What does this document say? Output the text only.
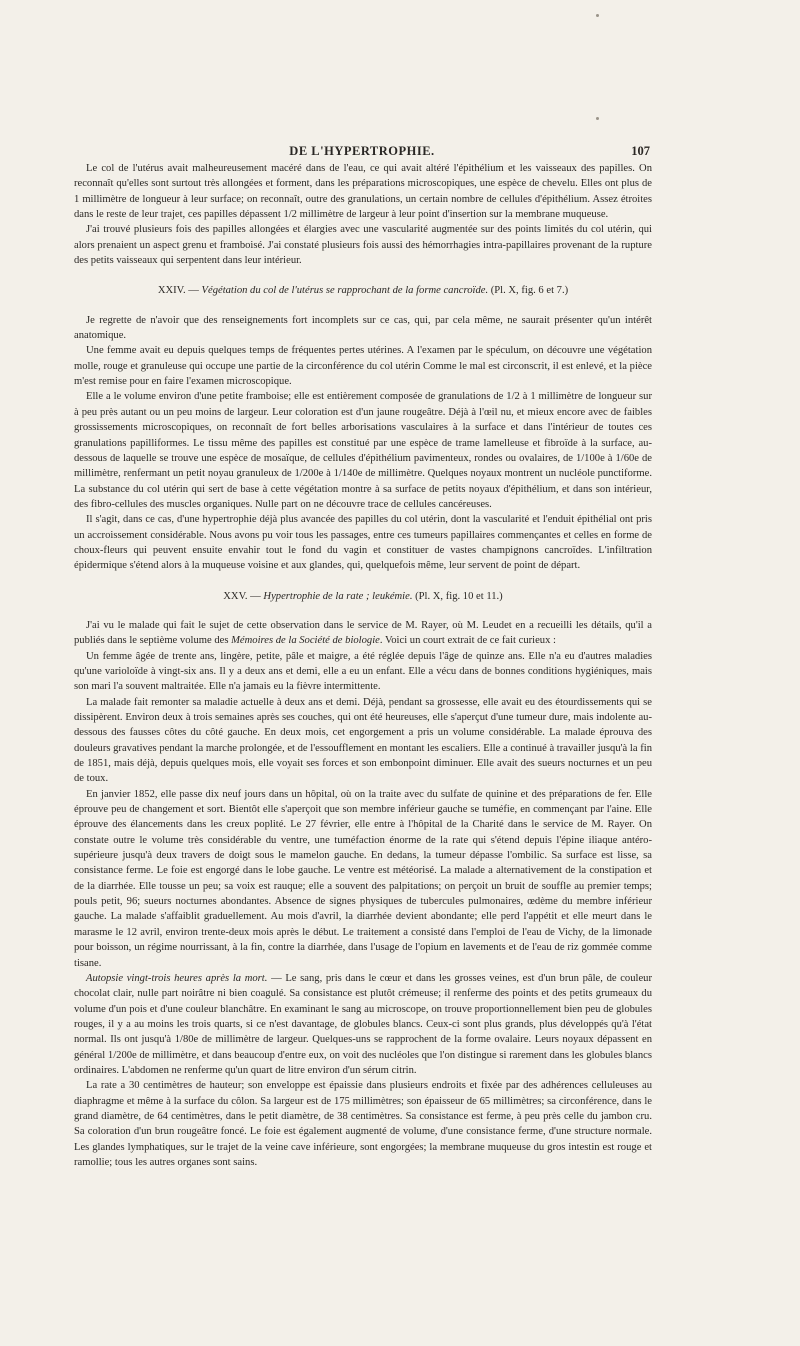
DE L'HYPERTROPHIE.	107

Le col de l'utérus avait malheureusement macéré dans de l'eau, ce qui avait altéré l'épithélium et les vaisseaux des papilles. On reconnaît qu'elles sont surtout très allongées et forment, dans les préparations microscopiques, une espèce de chevelu. Elles ont plus de 1 millimètre de longueur à leur surface; on reconnaît, outre des granulations, un certain nombre de cellules d'épithélium. Assez étroites dans le reste de leur trajet, ces papilles dépassent 1/2 millimètre de largeur à leur point d'insertion sur la membrane muqueuse.

J'ai trouvé plusieurs fois des papilles allongées et élargies avec une vascularité augmentée sur des points limités du col utérin, qui alors prenaient un aspect grenu et framboisé. J'ai constaté plusieurs fois aussi des hémorrhagies intra-papillaires provenant de la rupture des petits vaisseaux qui serpentent dans leur intérieur.

XXIV. — Végétation du col de l'utérus se rapprochant de la forme cancroïde. (Pl. X, fig. 6 et 7.)

Je regrette de n'avoir que des renseignements fort incomplets sur ce cas, qui, par cela même, ne saurait présenter qu'un intérêt anatomique.

Une femme avait eu depuis quelques temps de fréquentes pertes utérines. A l'examen par le spéculum, on découvre une végétation molle, rouge et granuleuse qui occupe une partie de la circonférence du col utérin Comme le mal est circonscrit, il est enlevé, et la pièce m'est remise pour en faire l'examen microscopique.

Elle a le volume environ d'une petite framboise; elle est entièrement composée de granulations de 1/2 à 1 millimètre de longueur sur à peu près autant ou un peu moins de largeur. Leur coloration est d'un jaune rougeâtre. Déjà à l'œil nu, et mieux encore avec de faibles grossissements microscopiques, on reconnaît de fort belles arborisations vasculaires à la surface et dans l'intérieur de toutes ces granulations papilliformes. Le tissu même des papilles est constitué par une espèce de trame lamelleuse et fibroïde à la surface, au-dessous de laquelle se trouve une espèce de mosaïque, de cellules d'épithélium pavimenteux, rondes ou ovalaires, de 1/100e à 1/60e de millimètre, renfermant un petit noyau granuleux de 1/200e à 1/140e de millimètre. Quelques noyaux montrent un nucléole punctiforme. La substance du col utérin qui sert de base à cette végétation montre à sa surface de petits noyaux d'épithélium, et dans son intérieur, des fibro-cellules des muscles organiques. Nulle part on ne découvre trace de cellules cancéreuses.

Il s'agit, dans ce cas, d'une hypertrophie déjà plus avancée des papilles du col utérin, dont la vascularité et l'enduit épithélial ont pris un accroissement considérable. Nous avons pu voir tous les passages, entre ces tumeurs papillaires commençantes et celles en forme de choux-fleurs qui peuvent ensuite envahir tout le fond du vagin et constituer de vastes champignons cancroïdes. L'infiltration épidermique s'étend alors à la muqueuse voisine et aux glandes, qui, quelquefois même, leur servent de point de départ.

XXV. — Hypertrophie de la rate ; leukémie. (Pl. X, fig. 10 et 11.)

J'ai vu le malade qui fait le sujet de cette observation dans le service de M. Rayer, où M. Leudet en a recueilli les détails, qu'il a publiés dans le septième volume des Mémoires de la Société de biologie. Voici un court extrait de ce fait curieux :

Un femme âgée de trente ans, lingère, petite, pâle et maigre, a été réglée depuis l'âge de quinze ans. Elle n'a eu d'autres maladies qu'une varioloïde à vingt-six ans. Il y a deux ans et demi, elle a eu un enfant. Elle a vécu dans de bonnes conditions hygiéniques, mais son mari l'a souvent maltraitée. Elle n'a jamais eu la fièvre intermittente.

La malade fait remonter sa maladie actuelle à deux ans et demi. Déjà, pendant sa grossesse, elle avait eu des étourdissements qui se dissipèrent. Environ deux à trois semaines après ses couches, qui ont été heureuses, elle s'aperçut d'une tumeur dure, mais indolente au-dessous des fausses côtes du côté gauche. En deux mois, cet engorgement a pris un volume considérable. La malade éprouva des douleurs gravatives pendant la marche prolongée, et de l'essoufflement en montant les escaliers. Elle a continué à travailler jusqu'à la fin de 1851, mais déjà, depuis quelques mois, elle voyait ses forces et son embonpoint diminuer. Elle avait des sueurs nocturnes et un peu de toux.

En janvier 1852, elle passe dix neuf jours dans un hôpital, où on la traite avec du sulfate de quinine et des préparations de fer. Elle éprouve peu de changement et sort. Bientôt elle s'aperçoit que son membre inférieur gauche se tuméfie, en commençant par l'aine. Elle éprouve des élancements dans les creux poplité. Le 27 février, elle entre à l'hôpital de la Charité dans le service de M. Rayer. On constate outre le volume très considérable du ventre, une tuméfaction énorme de la rate qui s'étend depuis l'épine iliaque antéro-supérieure jusqu'à deux travers de doigt sous le mamelon gauche. En dedans, la tumeur dépasse l'ombilic. Sa surface est lisse, sa consistance ferme. Le foie est engorgé dans le lobe gauche. Le ventre est météorisé. La malade a alternativement de la constipation et de la diarrhée. Elle tousse un peu; sa voix est rauque; elle a souvent des palpitations; on perçoit un bruit de souffle au premier temps; pouls petit, 96; sueurs nocturnes abondantes. Absence de signes physiques de tubercules pulmonaires, œdème du membre inférieur gauche. La malade s'affaiblit graduellement. Au mois d'avril, la diarrhée devient abondante; elle perd l'appétit et elle meurt dans le marasme le 12 avril, environ trente-deux mois après le début. Le traitement a consisté dans l'emploi de l'eau de Vichy, de la limonade pour boisson, un régime nourrissant, à la fin, contre la diarrhée, dans l'usage de l'opium en lavements et de l'eau de riz gommée comme tisane.

Autopsie vingt-trois heures après la mort. — Le sang, pris dans le cœur et dans les grosses veines, est d'un brun pâle, de couleur chocolat clair, nulle part noirâtre ni bien coagulé. Sa consistance est plutôt crémeuse; il renferme des points et des petits grumeaux du volume d'un pois et d'une couleur blanchâtre. En examinant le sang au microscope, on trouve proportionnellement bien peu de globules rouges, il y a au moins les trois quarts, si ce n'est davantage, de globules blancs. Ceux-ci sont plus grands, plus développés qu'à l'état normal. Ils ont jusqu'à 1/80e de millimètre de largeur. Quelques-uns se rapprochent de la forme ovalaire. Leurs noyaux dépassent en général 1/200e de millimètre, et dans beaucoup d'entre eux, on voit des nucléoles que l'on distingue si rarement dans les globules blancs ordinaires. L'abdomen ne renferme qu'un quart de litre environ d'un sérum citrin.

La rate a 30 centimètres de hauteur; son enveloppe est épaissie dans plusieurs endroits et fixée par des adhérences celluleuses au diaphragme et même à la surface du côlon. Sa largeur est de 175 millimètres; son épaisseur de 65 millimètres; sa circonférence, dans le grand diamètre, de 64 centimètres, dans le petit diamètre, de 38 centimètres. Sa consistance est ferme, à peu près celle du jambon cru. Sa coloration d'un brun rougeâtre foncé. Le foie est également augmenté de volume, d'une consistance ferme, d'une structure normale. Les glandes lymphatiques, sur le trajet de la veine cave inférieure, sont engorgées; la membrane muqueuse du gros intestin est rouge et ramollie; tous les autres organes sont sains.
